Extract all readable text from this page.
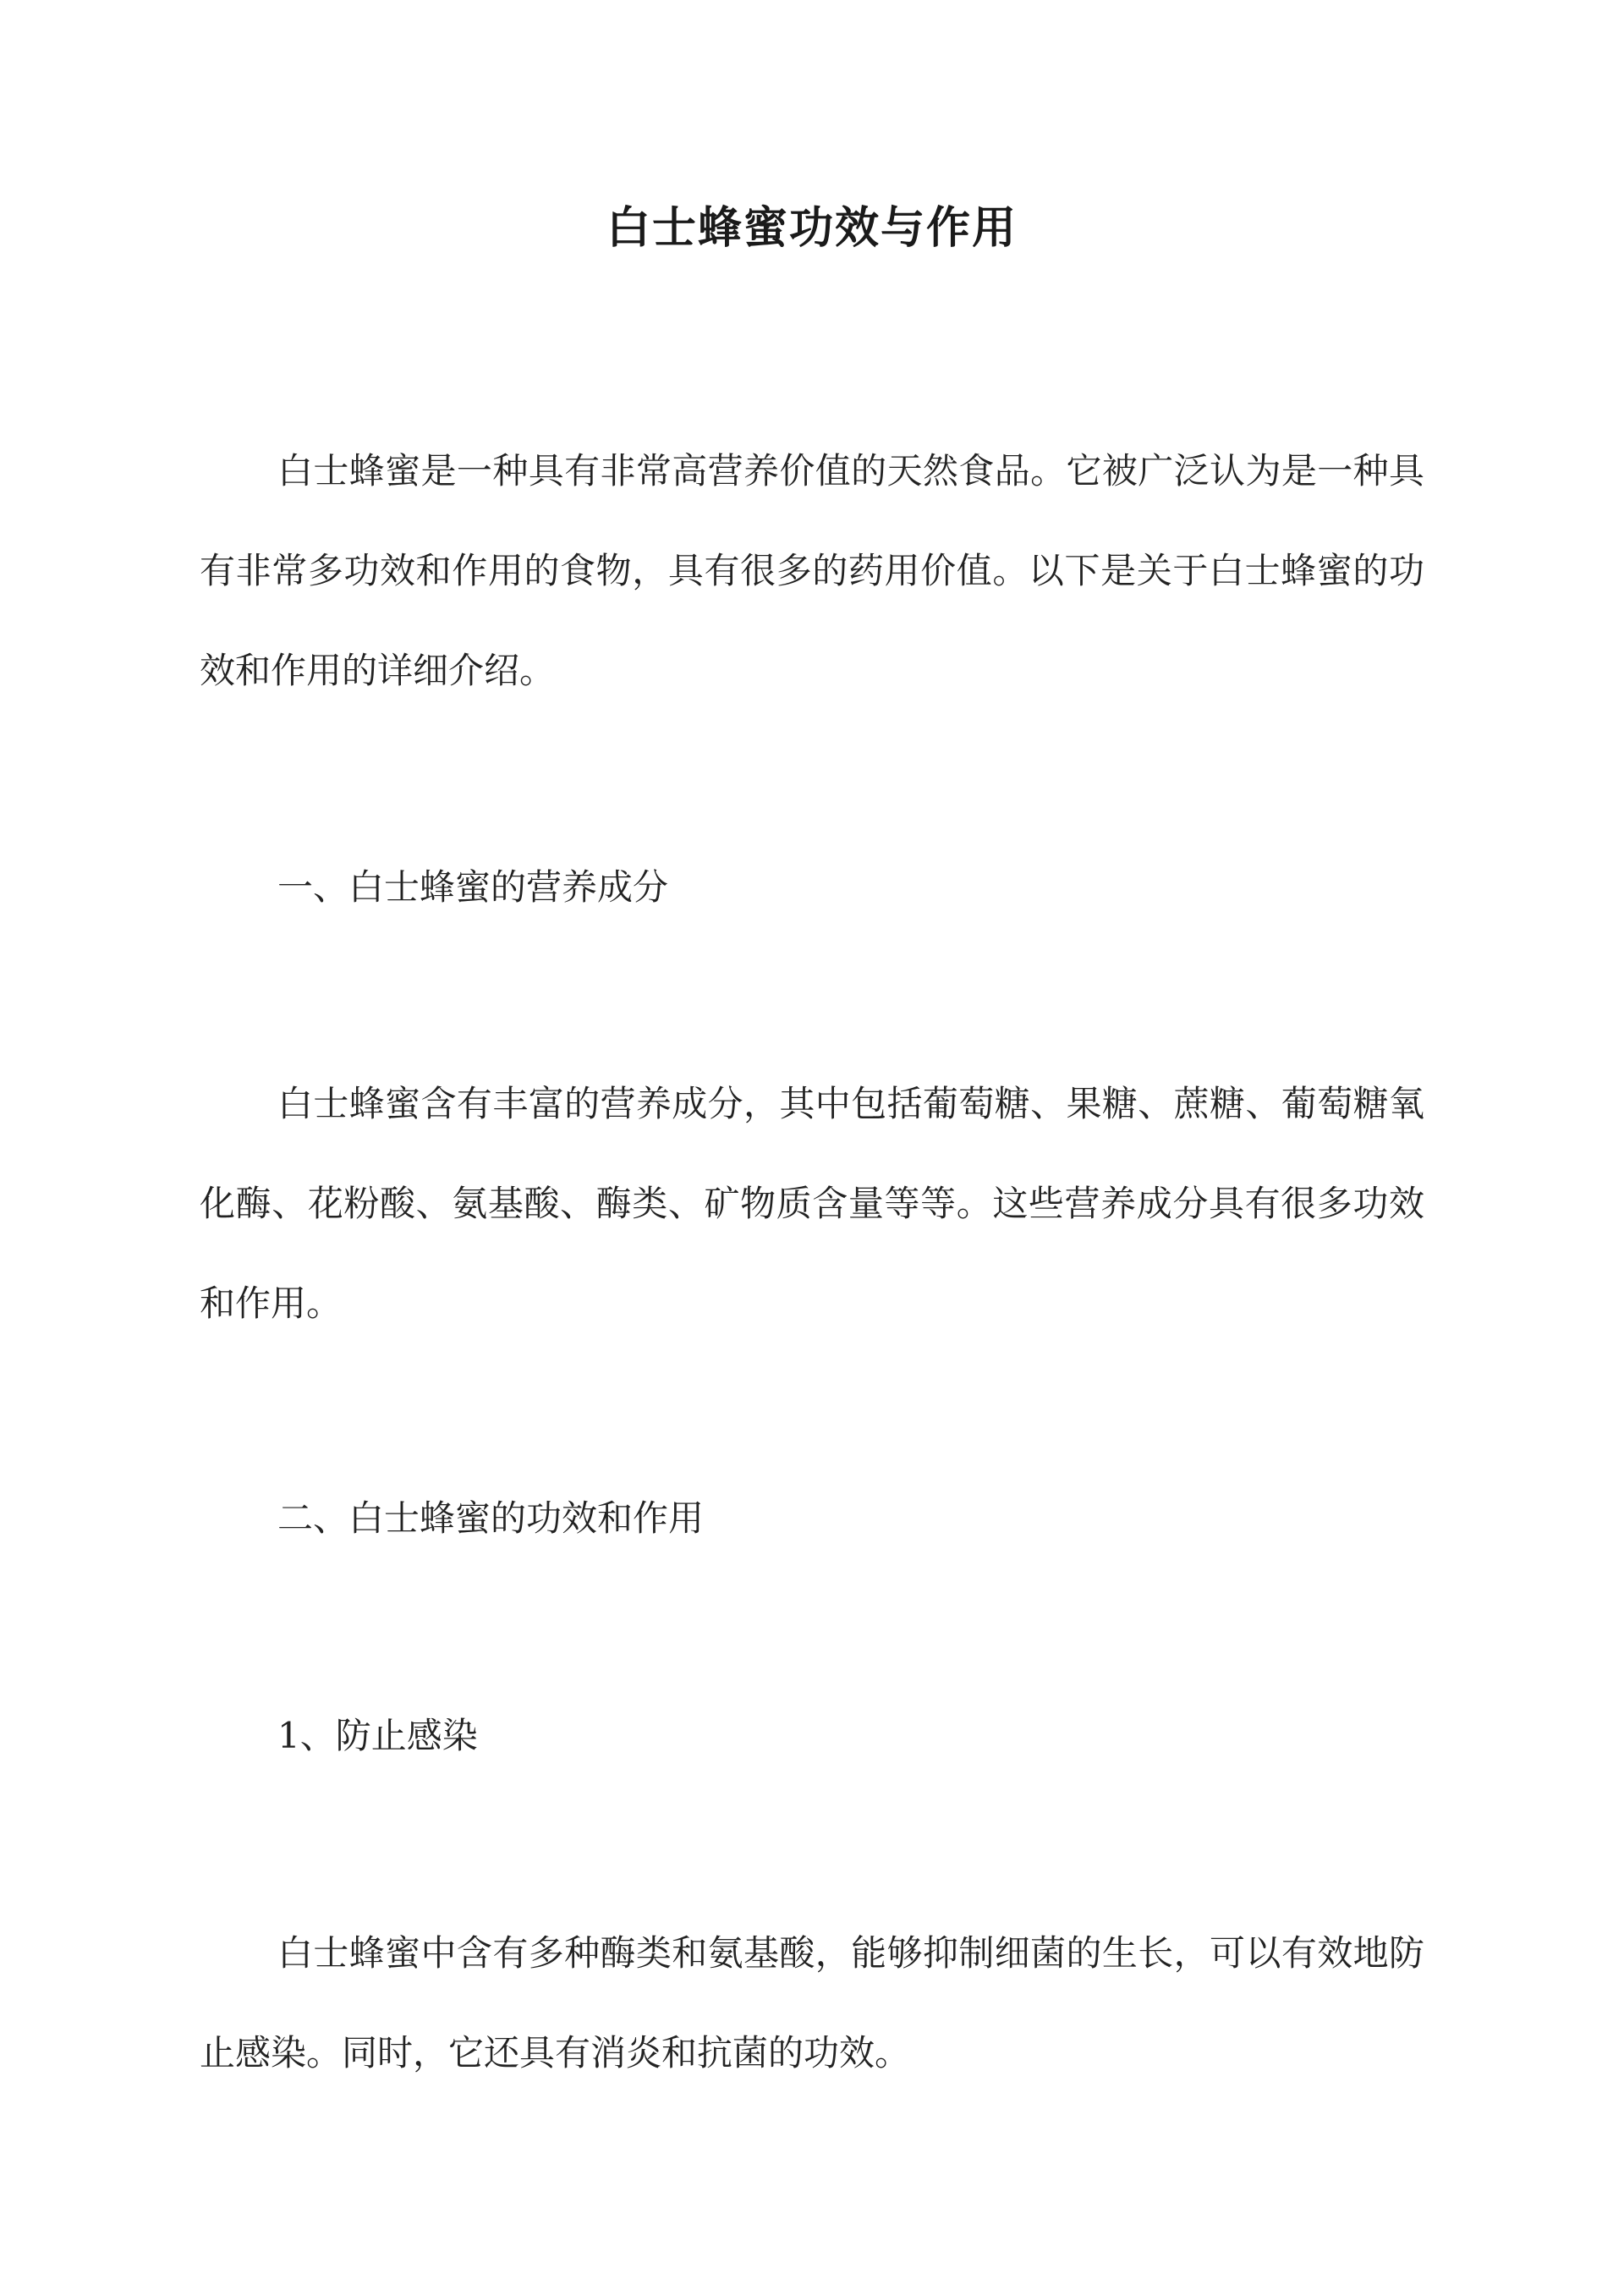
白士蜂蜜功效与作用

白士蜂蜜是一种具有非常高营养价值的天然食品。它被广泛认为是一种具有非常多功效和作用的食物，具有很多的药用价值。以下是关于白士蜂蜜的功效和作用的详细介绍。

一、白士蜂蜜的营养成分

白士蜂蜜含有丰富的营养成分，其中包括葡萄糖、果糖、蔗糖、葡萄糖氧化酶、花粉酸、氨基酸、酶类、矿物质含量等等。这些营养成分具有很多功效和作用。

二、白士蜂蜜的功效和作用

1、防止感染

白士蜂蜜中含有多种酶类和氨基酸，能够抑制细菌的生长，可以有效地防止感染。同时，它还具有消炎和抗菌的功效。
